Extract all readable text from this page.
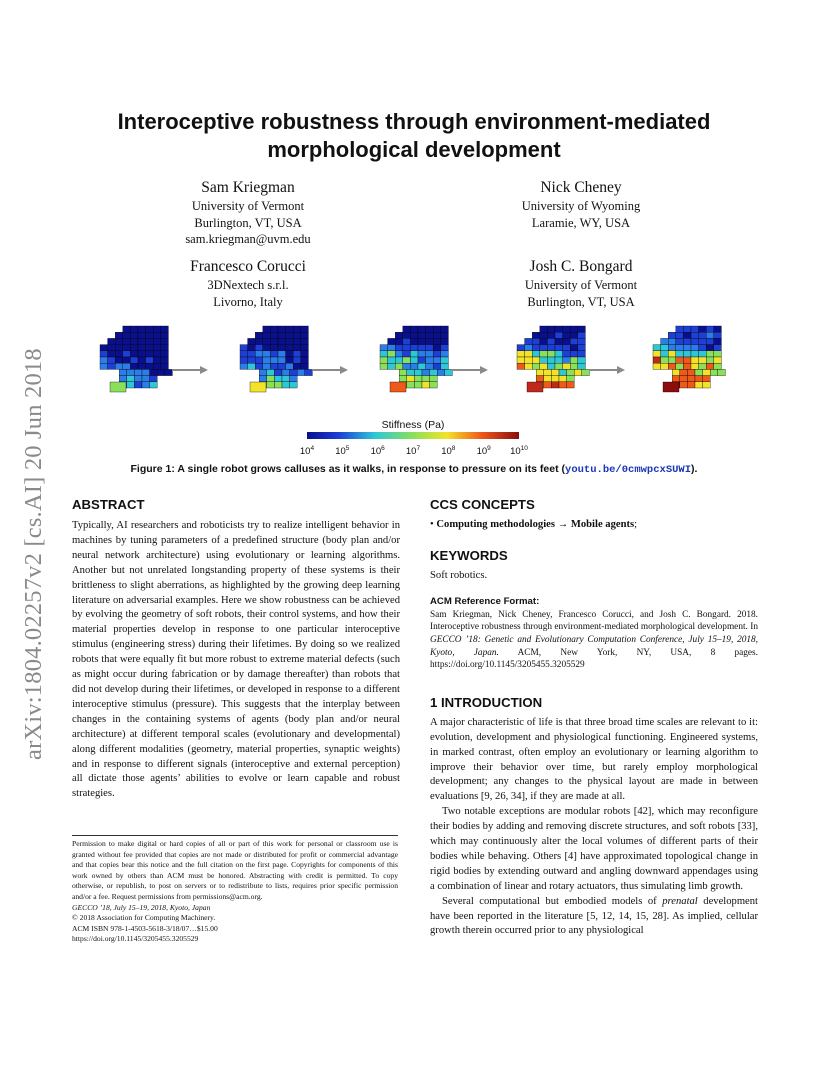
arXiv:1804.02257v2 [cs.AI] 20 Jun 2018
Interoceptive robustness through environment-mediated
morphological development
Sam Kriegman
University of Vermont
Burlington, VT, USA
sam.kriegman@uvm.edu
Nick Cheney
University of Wyoming
Laramie, WY, USA
Francesco Corucci
3DNextech s.r.l.
Livorno, Italy
Josh C. Bongard
University of Vermont
Burlington, VT, USA
Stiffness (Pa)
$10^4$ $10^5$ $10^6$ $10^7$ $10^8$ $10^9$ $10^{10}$
Figure 1: A single robot grows calluses as it walks, in response to pressure on its feet (youtu.be/0cmwpcxSUWI).
ABSTRACT

Typically, AI researchers and roboticists try to realize intelligent behavior in machines by tuning parameters of a predefined structure (body plan and/or neural network architecture) using evolutionary or learning algorithms. Another but not unrelated longstanding property of these systems is their brittleness to slight aberrations, as highlighted by the growing deep learning literature on adversarial examples. Here we show robustness can be achieved by evolving the geometry of soft robots, their control systems, and how their material properties develop in response to one particular interoceptive stimulus (engineering stress) during their lifetimes. By doing so we realized robots that were equally fit but more robust to extreme material defects (such as might occur during fabrication or by damage thereafter) than robots that did not develop during their lifetimes, or developed in response to a different interoceptive stimulus (pressure). This suggests that the interplay between changes in the containing systems of agents (body plan and/or neural architecture) at different temporal scales (evolutionary and developmental) along different modalities (geometry, material properties, synaptic weights) and in response to different signals (interoceptive and external perception) all dictate those agents’ abilities to evolve or learn capable and robust strategies.

Permission to make digital or hard copies of all or part of this work for personal or classroom use is granted without fee provided that copies are not made or distributed for profit or commercial advantage and that copies bear this notice and the full citation on the first page. Copyrights for components of this work owned by others than ACM must be honored. Abstracting with credit is permitted. To copy otherwise, or republish, to post on servers or to redistribute to lists, requires prior specific permission and/or a fee. Request permissions from permissions@acm.org.

GECCO ’18, July 15–19, 2018, Kyoto, Japan

© 2018 Association for Computing Machinery.

ACM ISBN 978-1-4503-5618-3/18/07…$15.00

https://doi.org/10.1145/3205455.3205529

CCS CONCEPTS

• Computing methodologies → Mobile agents;

KEYWORDS

Soft robotics.

ACM Reference Format:

Sam Kriegman, Nick Cheney, Francesco Corucci, and Josh C. Bongard. 2018. Interoceptive robustness through environment-mediated morphological development. In GECCO ’18: Genetic and Evolutionary Computation Conference, July 15–19, 2018, Kyoto, Japan. ACM, New York, NY, USA, 8 pages. https://doi.org/10.1145/3205455.3205529

1 INTRODUCTION

A major characteristic of life is that three broad time scales are relevant to it: evolution, development and physiological functioning. Engineered systems, in marked contrast, often employ an evolutionary or learning algorithm to improve their behavior over time, but rarely employ morphological development; any changes to the physical layout are made in between evaluations [9, 26, 34], if they are made at all.

Two notable exceptions are modular robots [42], which may reconfigure their bodies by adding and removing discrete structures, and soft robots [33], which may continuously alter the local volumes of different parts of their bodies while behaving. Others [4] have approximated topological change in rigid bodies by extending outward and angling downward appendages using a combination of linear and rotary actuators, thus simulating limb growth.

Several computational but embodied models of prenatal development have been reported in the literature [5, 12, 14, 15, 28]. As implied, cellular growth therein occurred prior to any physiological
